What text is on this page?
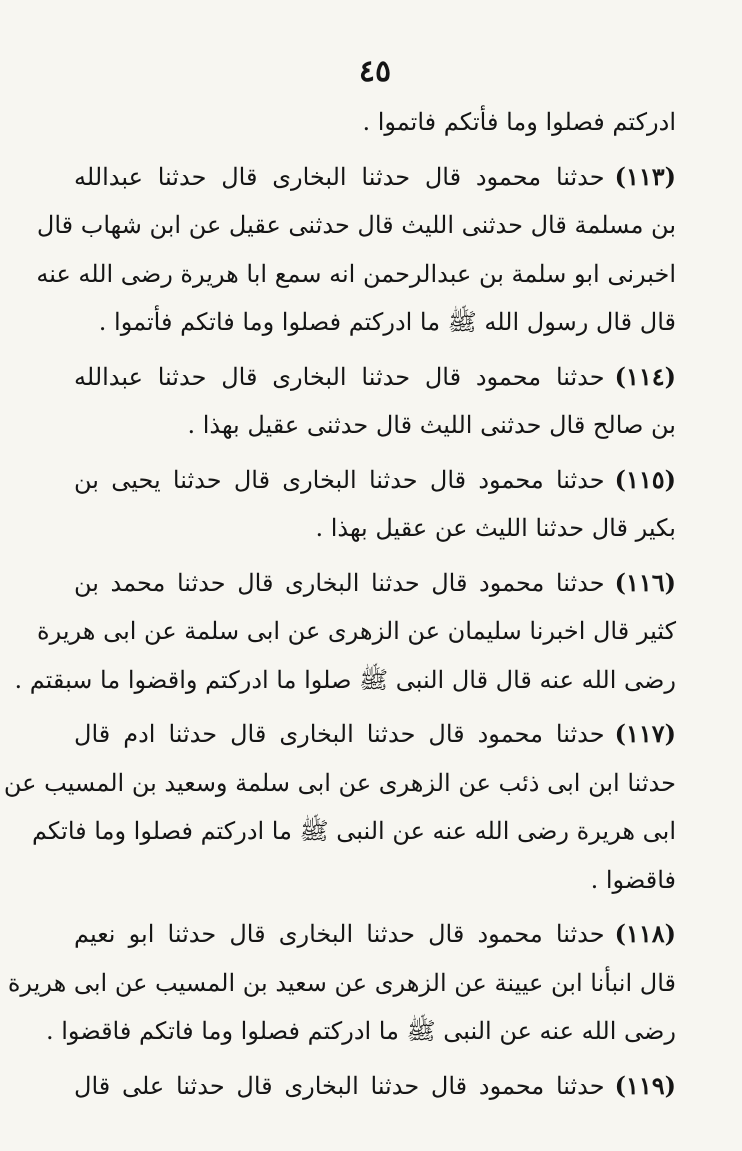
٤٥
ادركتم فصلوا وما فأتكم فاتموا .
(١١٣)حدثنا محمود قال حدثنا البخارى قال حدثنا عبدالله
بن مسلمة قال حدثنى الليث قال حدثنى عقيل عن ابن شهاب قال
اخبرنى ابو سلمة بن عبدالرحمن انه سمع ابا هريرة رضى الله عنه
قال قال رسول الله ﷺ ما ادركتم فصلوا وما فاتكم فأتموا .
(١١٤)حدثنا محمود قال حدثنا البخارى قال حدثنا عبدالله
بن صالح قال حدثنى الليث قال حدثنى عقيل بهذا .
(١١٥)حدثنا محمود قال حدثنا البخارى قال حدثنا يحيى بن
بكير قال حدثنا الليث عن عقيل بهذا .
(١١٦)حدثنا محمود قال حدثنا البخارى قال حدثنا محمد بن
كثير قال اخبرنا سليمان عن الزهرى عن ابى سلمة عن ابى هريرة
رضى الله عنه قال قال النبى ﷺ صلوا ما ادركتم واقضوا ما سبقتم .
(١١٧)حدثنا محمود قال حدثنا البخارى قال حدثنا ادم قال
حدثنا ابن ابى ذئب عن الزهرى عن ابى سلمة وسعيد بن المسيب عن
ابى هريرة رضى الله عنه عن النبى ﷺ ما ادركتم فصلوا وما فاتكم
فاقضوا .
(١١٨)حدثنا محمود قال حدثنا البخارى قال حدثنا ابو نعيم
قال انبأنا ابن عيينة عن الزهرى عن سعيد بن المسيب عن ابى هريرة
رضى الله عنه عن النبى ﷺ ما ادركتم فصلوا وما فاتكم فاقضوا .
(١١٩)حدثنا محمود قال حدثنا البخارى قال حدثنا على قال
